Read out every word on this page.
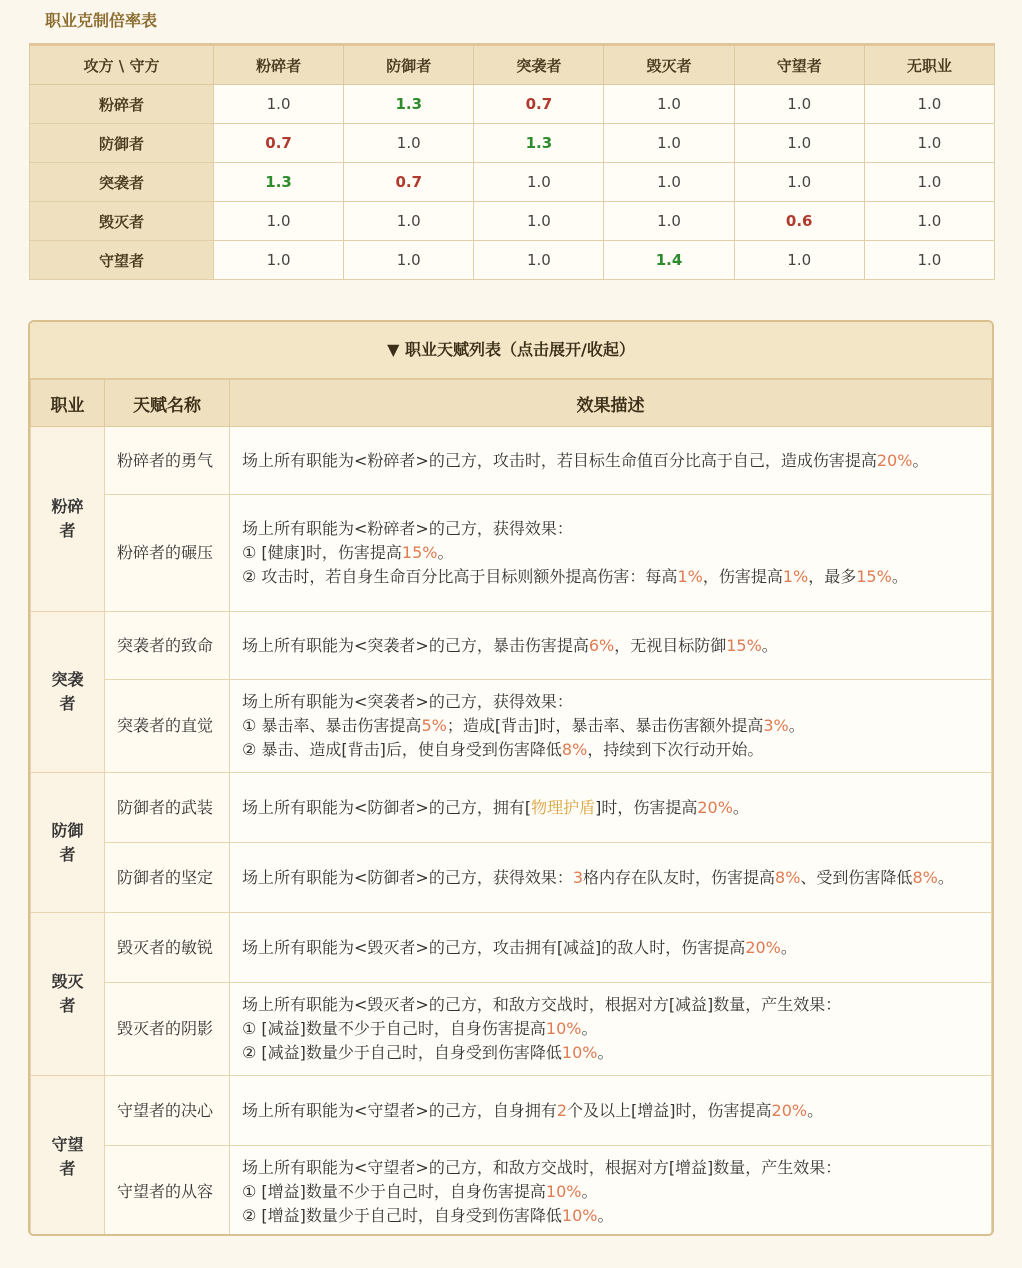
职业克制倍率表
攻方 \ 守方	粉碎者	防御者	突袭者	毁灭者	守望者	无职业
粉碎者	1.0	1.3	0.7	1.0	1.0	1.0
防御者	0.7	1.0	1.3	1.0	1.0	1.0
突袭者	1.3	0.7	1.0	1.0	1.0	1.0
毁灭者	1.0	1.0	1.0	1.0	0.6	1.0
守望者	1.0	1.0	1.0	1.4	1.0	1.0
▼ 职业天赋列表（点击展开/收起）
职业	天赋名称	效果描述
粉碎者	粉碎者的勇气	场上所有职能为<粉碎者>的己方，攻击时，若目标生命值百分比高于自己，造成伤害提高20%。

	粉碎者的碾压	场上所有职能为<粉碎者>的己方，获得效果：
① [健康]时，伤害提高15%。
② 攻击时，若自身生命百分比高于目标则额外提高伤害：每高1%，伤害提高1%，最多15%。

突袭者	突袭者的致命	场上所有职能为<突袭者>的己方，暴击伤害提高6%，无视目标防御15%。

	突袭者的直觉	场上所有职能为<突袭者>的己方，获得效果：
① 暴击率、暴击伤害提高5%；造成[背击]时，暴击率、暴击伤害额外提高3%。
② 暴击、造成[背击]后，使自身受到伤害降低8%，持续到下次行动开始。

防御者	防御者的武装	场上所有职能为<防御者>的己方，拥有[物理护盾]时，伤害提高20%。

	防御者的坚定	场上所有职能为<防御者>的己方，获得效果：3格内存在队友时，伤害提高8%、受到伤害降低8%。

毁灭者	毁灭者的敏锐	场上所有职能为<毁灭者>的己方，攻击拥有[减益]的敌人时，伤害提高20%。

	毁灭者的阴影	场上所有职能为<毁灭者>的己方，和敌方交战时，根据对方[减益]数量，产生效果：
① [减益]数量不少于自己时，自身伤害提高10%。
② [减益]数量少于自己时，自身受到伤害降低10%。

守望者	守望者的决心	场上所有职能为<守望者>的己方，自身拥有2个及以上[增益]时，伤害提高20%。

	守望者的从容	场上所有职能为<守望者>的己方，和敌方交战时，根据对方[增益]数量，产生效果：
① [增益]数量不少于自己时，自身伤害提高10%。
② [增益]数量少于自己时，自身受到伤害降低10%。
